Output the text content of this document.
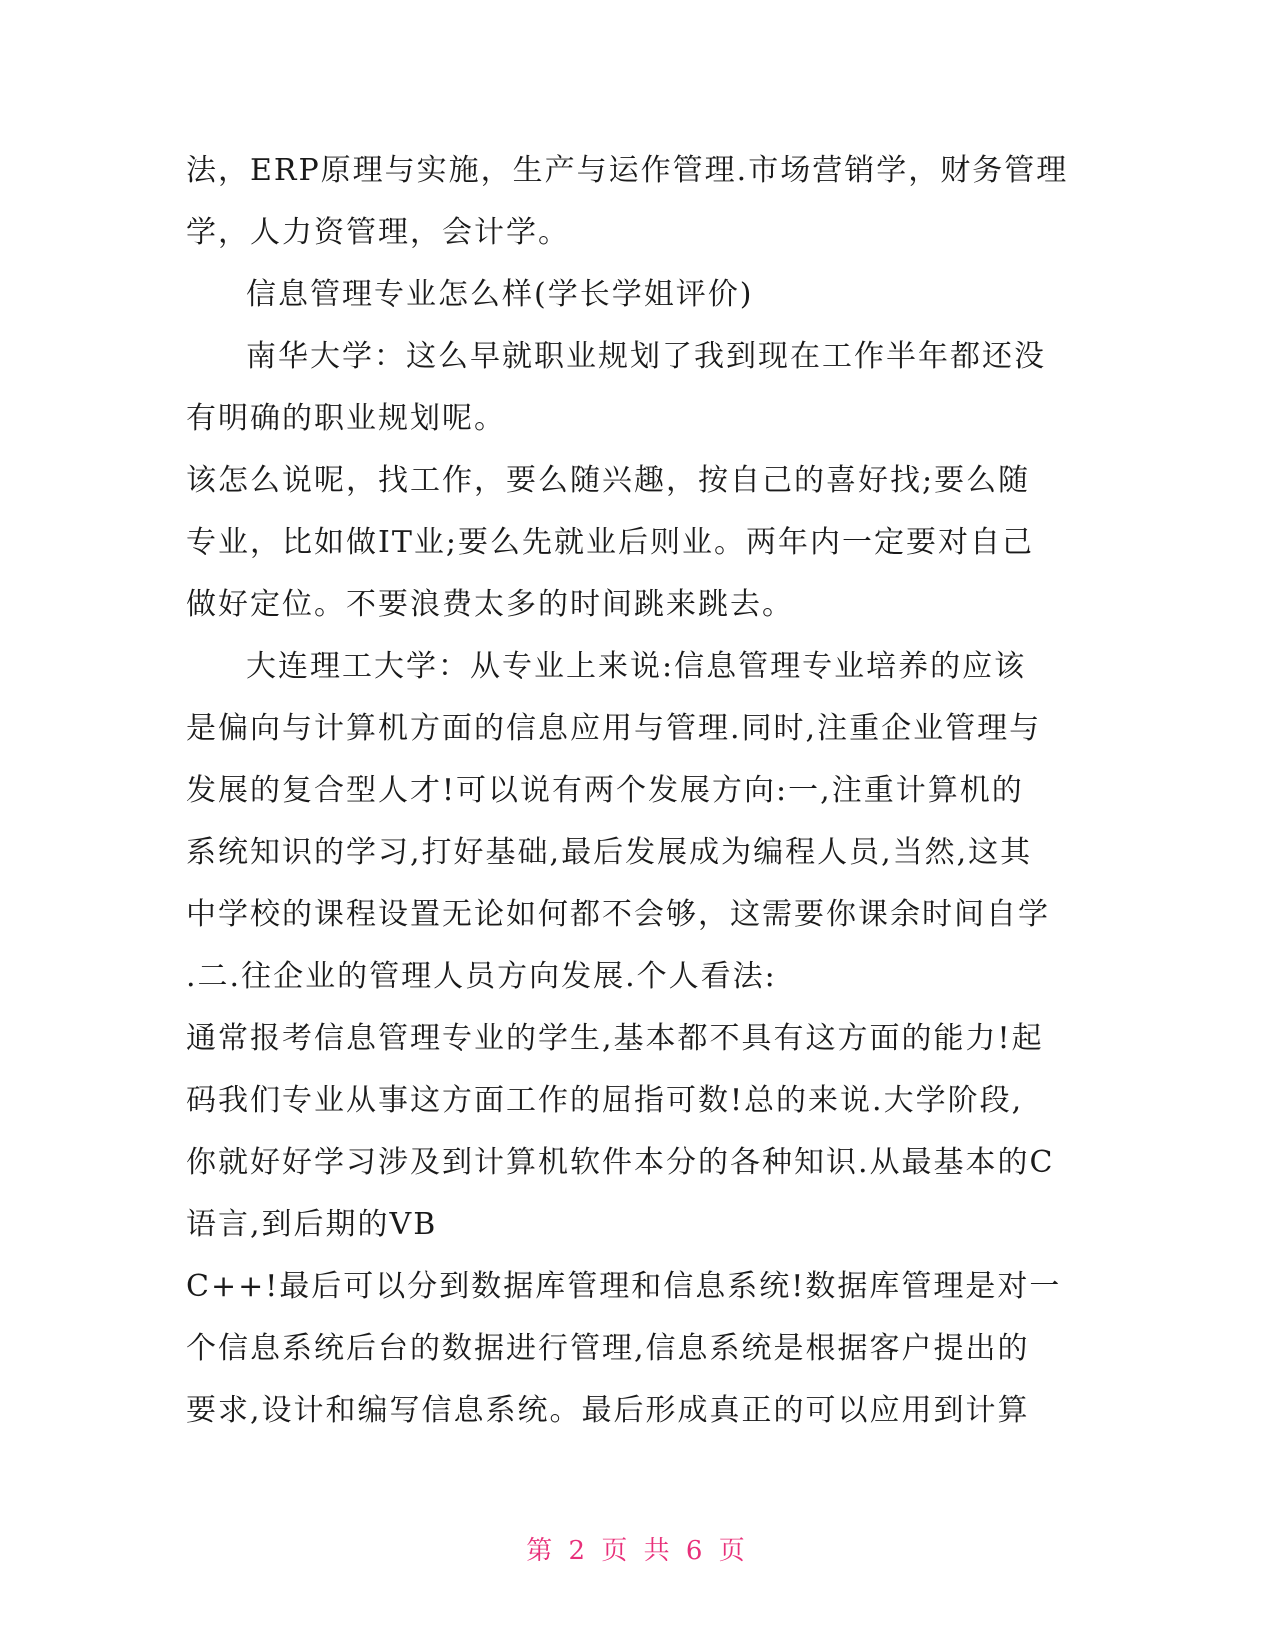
法，ERP原理与实施，生产与运作管理.市场营销学，财务管理
学，人力资管理，会计学。
信息管理专业怎么样(学长学姐评价)
南华大学：这么早就职业规划了我到现在工作半年都还没
有明确的职业规划呢。
该怎么说呢，找工作，要么随兴趣，按自己的喜好找;要么随
专业，比如做IT业;要么先就业后则业。两年内一定要对自己
做好定位。不要浪费太多的时间跳来跳去。
大连理工大学：从专业上来说:信息管理专业培养的应该
是偏向与计算机方面的信息应用与管理.同时,注重企业管理与
发展的复合型人才!可以说有两个发展方向:一,注重计算机的
系统知识的学习,打好基础,最后发展成为编程人员,当然,这其
中学校的课程设置无论如何都不会够，这需要你课余时间自学
.二.往企业的管理人员方向发展.个人看法:
通常报考信息管理专业的学生,基本都不具有这方面的能力!起
码我们专业从事这方面工作的屈指可数!总的来说.大学阶段,
你就好好学习涉及到计算机软件本分的各种知识.从最基本的C
语言,到后期的VB
C++!最后可以分到数据库管理和信息系统!数据库管理是对一
个信息系统后台的数据进行管理,信息系统是根据客户提出的
要求,设计和编写信息系统。最后形成真正的可以应用到计算
第 2 页 共 6 页
